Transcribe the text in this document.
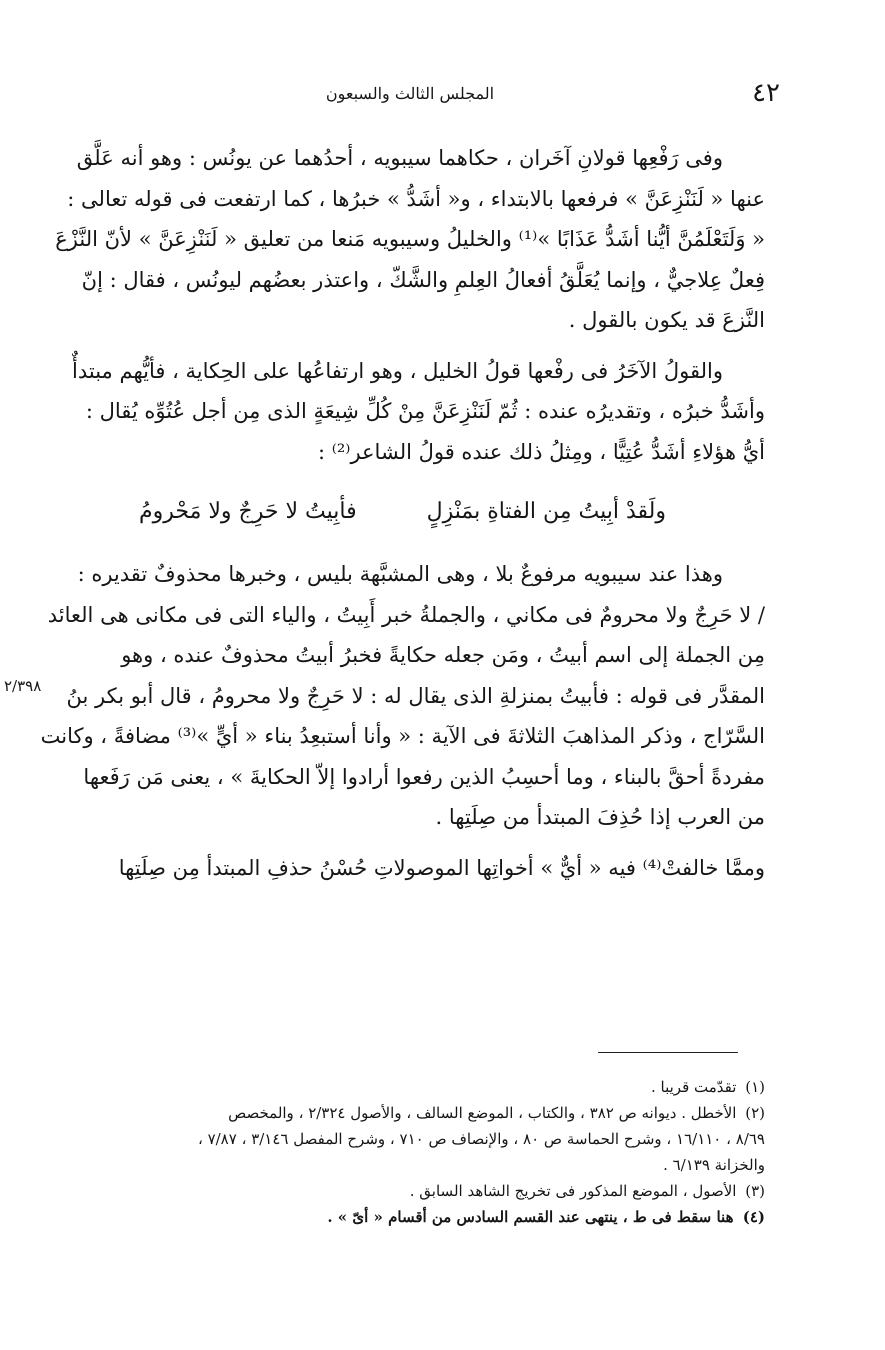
٤٢
المجلس الثالث والسبعون
٢/٣٩٨

وفى رَفْعِها قولانِ آخَران ، حكاهما سيبويه ، أحدُهما عن يونُس : وهو أنه عَلَّق
عنها « لَنَنْزِعَنَّ » فرفعها بالابتداء ، و« أشَدُّ » خبرُها ، كما ارتفعت فى قوله تعالى :
« وَلَتَعْلَمُنَّ أيُّنا أشَدُّ عَذَابًا »⁽¹⁾ والخليلُ وسيبويه مَنعا من تعليق « لَنَنْزِعَنَّ » لأنّ النَّزْعَ
فِعلٌ عِلاجيٌّ ، وإنما يُعَلَّقُ أفعالُ العِلمِ والشَّكّ ، واعتذر بعضُهم ليونُس ، فقال : إنّ
النَّزعَ قد يكون بالقول .

والقولُ الآخَرُ فى رفْعها قولُ الخليل ، وهو ارتفاعُها على الحِكاية ، فأيُّهم مبتدأٌ
وأشَدُّ خبرُه ، وتقديرُه عنده : ثُمّ لَنَنْزِعَنَّ مِنْ كُلِّ شِيعَةٍ الذى مِن أجل عُتُوِّه يُقال :
أيُّ هؤلاءِ أشَدُّ عُتِيًّا ، ومِثلُ ذلك عنده قولُ الشاعر⁽²⁾ :

ولَقدْ أبِيتُ مِن الفتاةِ بمَنْزِلٍ
فأبِيتُ لا حَرِجٌ ولا مَحْرومُ

وهذا عند سيبويه مرفوعٌ بلا ، وهى المشبَّهة بليس ، وخبرها محذوفٌ تقديره :
/ لا حَرِجٌ ولا محرومٌ فى مكاني ، والجملةُ خبر أَبِيتُ ، والياء التى فى مكانى هى العائد
مِن الجملة إلى اسم أبيتُ ، ومَن جعله حكايةً فخبرُ أبيتُ محذوفٌ عنده ، وهو
المقدَّر فى قوله : فأبيتُ بمنزلةِ الذى يقال له : لا حَرِجٌ ولا محرومُ ، قال أبو بكر بنُ
السَّرّاج ، وذكر المذاهبَ الثلاثةَ فى الآية : « وأنا أستبعِدُ بناء « أيٍّ »⁽³⁾ مضافةً ، وكانت
مفردةً أحقَّ بالبناء ، وما أحسِبُ الذين رفعوا أرادوا إلاّ الحكايةَ » ، يعنى مَن رَفَعها
من العرب إذا حُذِفَ المبتدأ من صِلَتِها .

وممَّا خالفتْ⁽⁴⁾ فيه « أيٌّ » أخواتِها الموصولاتِ حُسْنُ حذفِ المبتدأ مِن صِلَتِها

(١) تقدّمت قريبا .

(٢) الأخطل . ديوانه ص ٣٨٢ ، والكتاب ، الموضع السالف ، والأصول ٢/٣٢٤ ، والمخصص
٨/٦٩ ، ١٦/١١٠ ، وشرح الحماسة ص ٨٠ ، والإنصاف ص ٧١٠ ، وشرح المفصل ٣/١٤٦ ، ٧/٨٧ ،
والخزانة ٦/١٣٩ .

(٣) الأصول ، الموضع المذكور فى تخريج الشاهد السابق .

(٤) هنا سقط فى ط ، ينتهى عند القسم السادس من أقسام « أىّ » .
